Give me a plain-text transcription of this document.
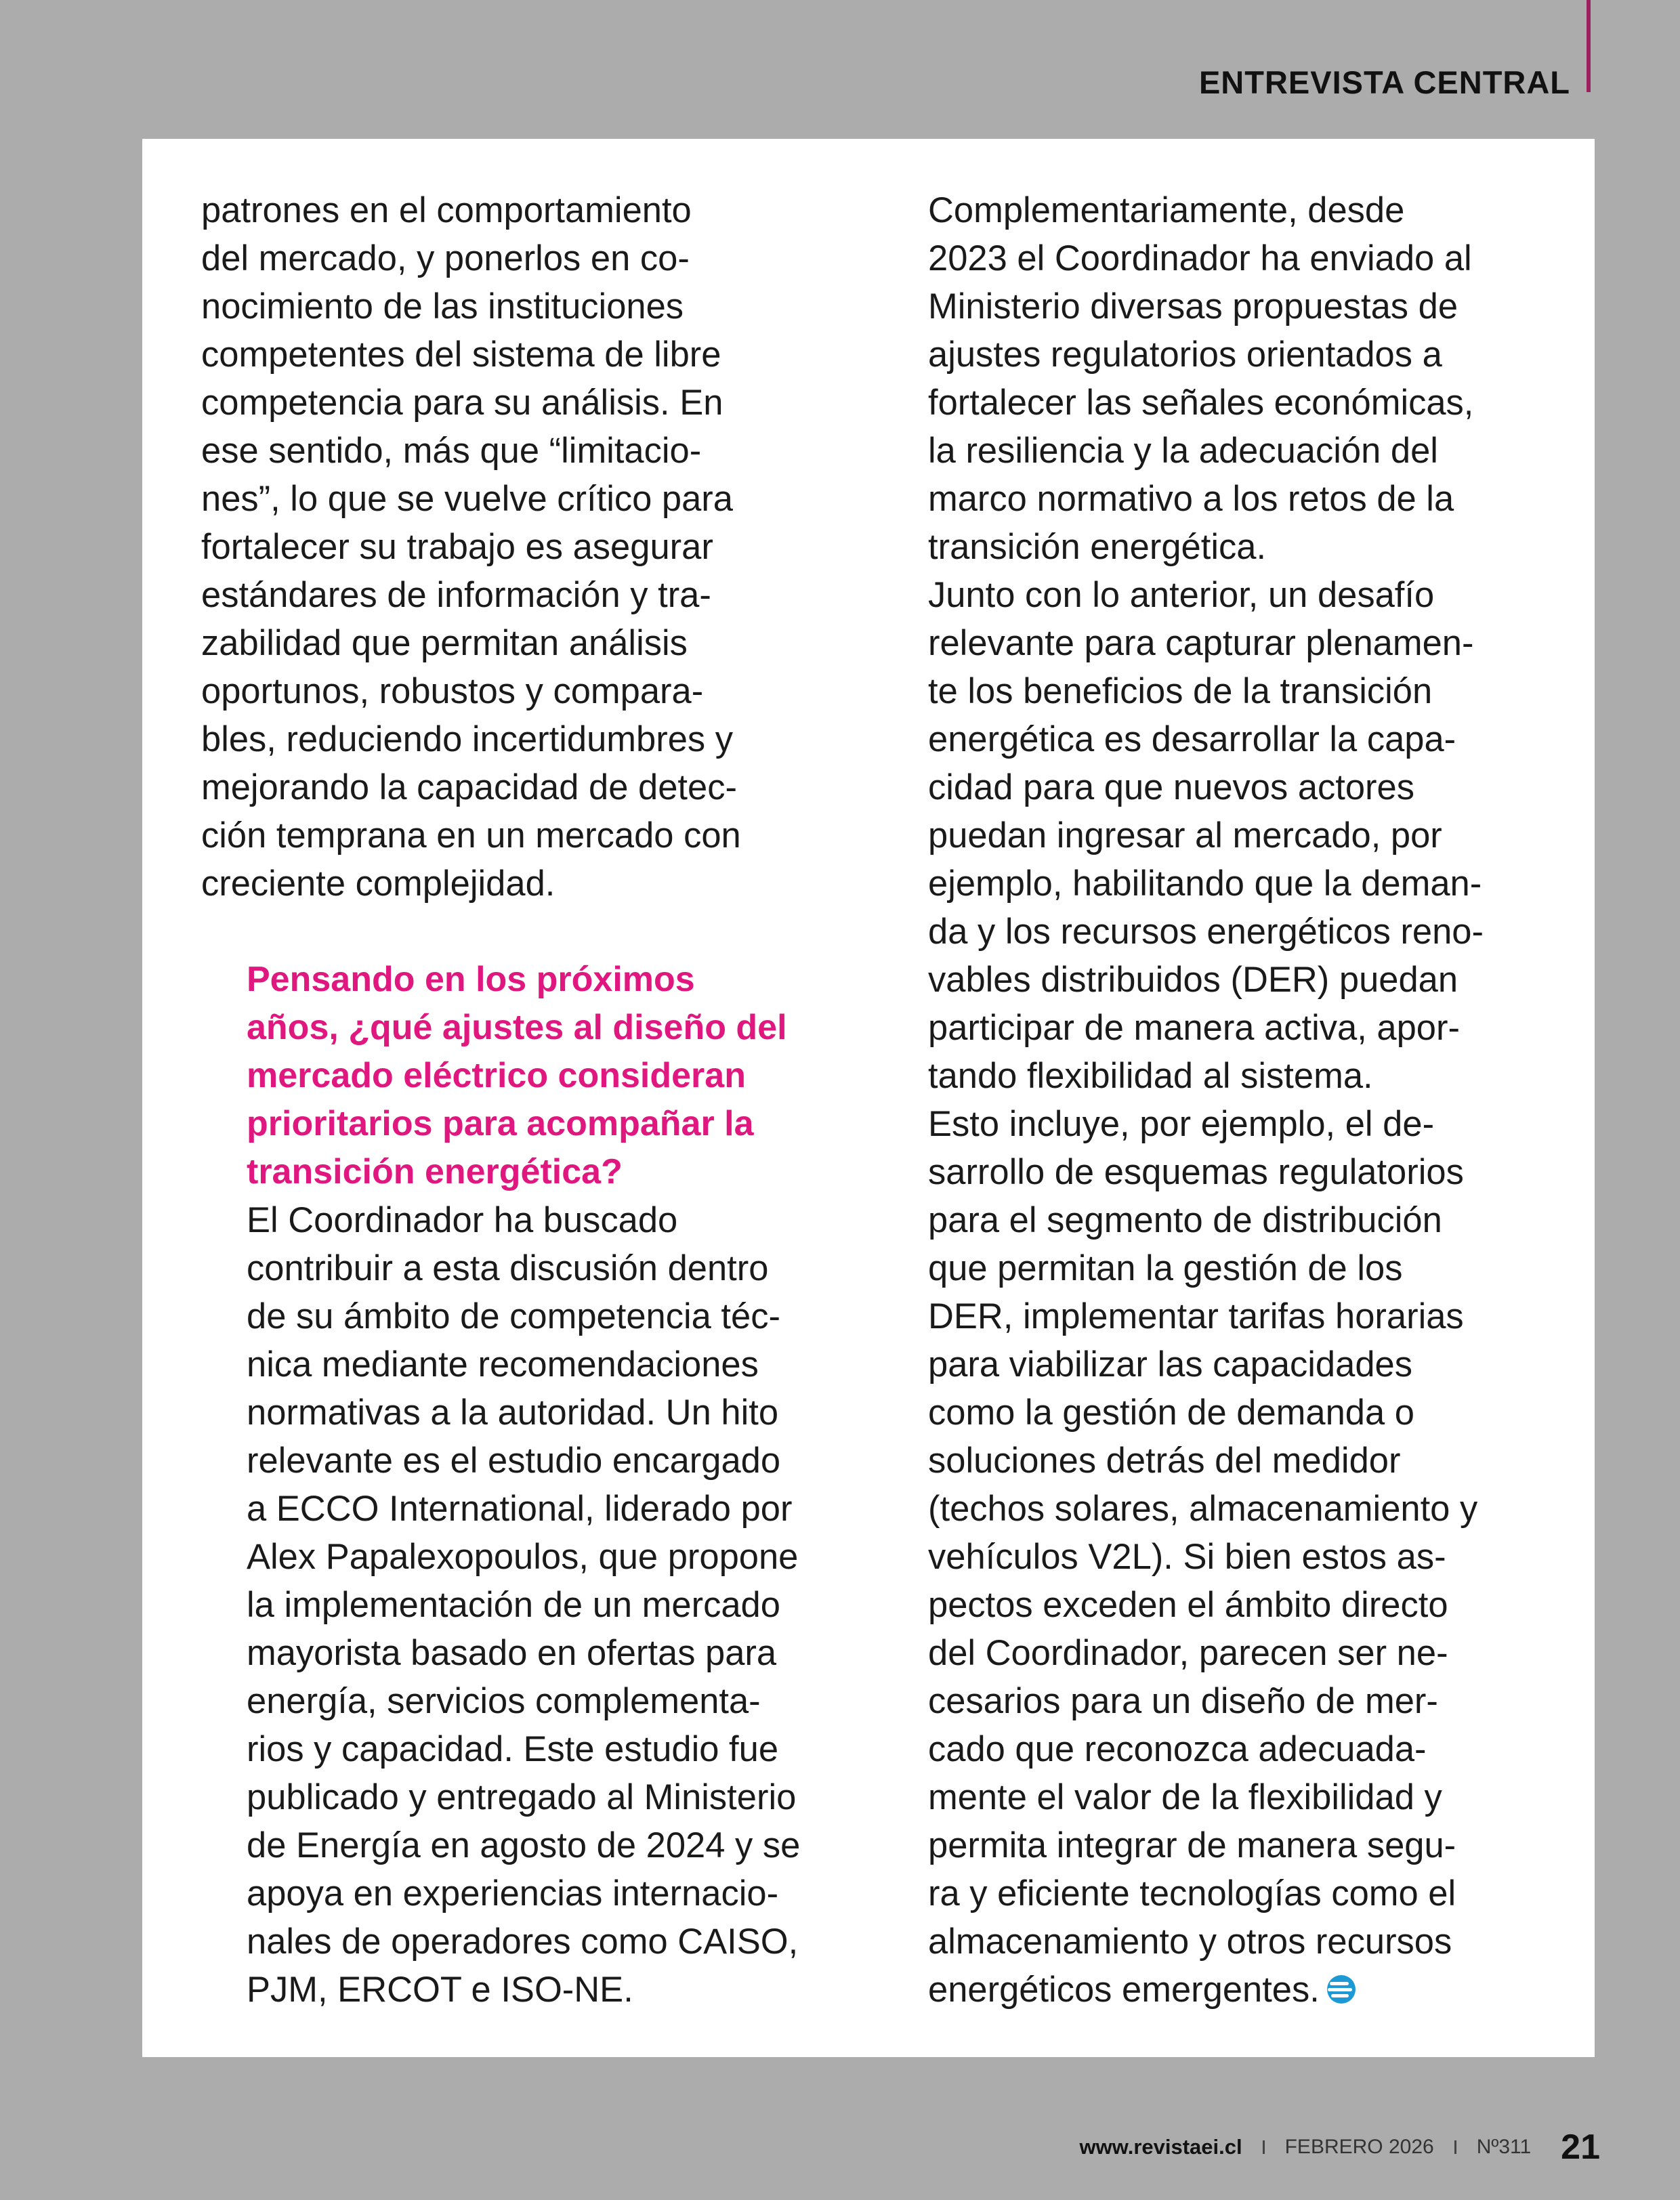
ENTREVISTA CENTRAL

patrones en el comportamiento
del mercado, y ponerlos en co-
nocimiento de las instituciones
competentes del sistema de libre
competencia para su análisis. En
ese sentido, más que “limitacio-
nes”, lo que se vuelve crítico para
fortalecer su trabajo es asegurar
estándares de información y tra-
zabilidad que permitan análisis
oportunos, robustos y compara-
bles, reduciendo incertidumbres y
mejorando la capacidad de detec-
ción temprana en un mercado con
creciente complejidad.

Pensando en los próximos
años, ¿qué ajustes al diseño del
mercado eléctrico consideran
prioritarios para acompañar la
transición energética?

El Coordinador ha buscado
contribuir a esta discusión dentro
de su ámbito de competencia téc-
nica mediante recomendaciones
normativas a la autoridad. Un hito
relevante es el estudio encargado
a ECCO International, liderado por
Alex Papalexopoulos, que propone
la implementación de un mercado
mayorista basado en ofertas para
energía, servicios complementa-
rios y capacidad. Este estudio fue
publicado y entregado al Ministerio
de Energía en agosto de 2024 y se
apoya en experiencias internacio-
nales de operadores como CAISO,
PJM, ERCOT e ISO-NE.

Complementariamente, desde
2023 el Coordinador ha enviado al
Ministerio diversas propuestas de
ajustes regulatorios orientados a
fortalecer las señales económicas,
la resiliencia y la adecuación del
marco normativo a los retos de la
transición energética.

Junto con lo anterior, un desafío
relevante para capturar plenamen-
te los beneficios de la transición
energética es desarrollar la capa-
cidad para que nuevos actores
puedan ingresar al mercado, por
ejemplo, habilitando que la deman-
da y los recursos energéticos reno-
vables distribuidos (DER) puedan
participar de manera activa, apor-
tando flexibilidad al sistema.

Esto incluye, por ejemplo, el de-
sarrollo de esquemas regulatorios
para el segmento de distribución
que permitan la gestión de los
DER, implementar tarifas horarias
para viabilizar las capacidades
como la gestión de demanda o
soluciones detrás del medidor
(techos solares, almacenamiento y
vehículos V2L). Si bien estos as-
pectos exceden el ámbito directo
del Coordinador, parecen ser ne-
cesarios para un diseño de mer-
cado que reconozca adecuada-
mente el valor de la flexibilidad y
permita integrar de manera segu-
ra y eficiente tecnologías como el
almacenamiento y otros recursos
energéticos emergentes.

www.revistaei.cl FEBRERO 2026 Nº311 21
